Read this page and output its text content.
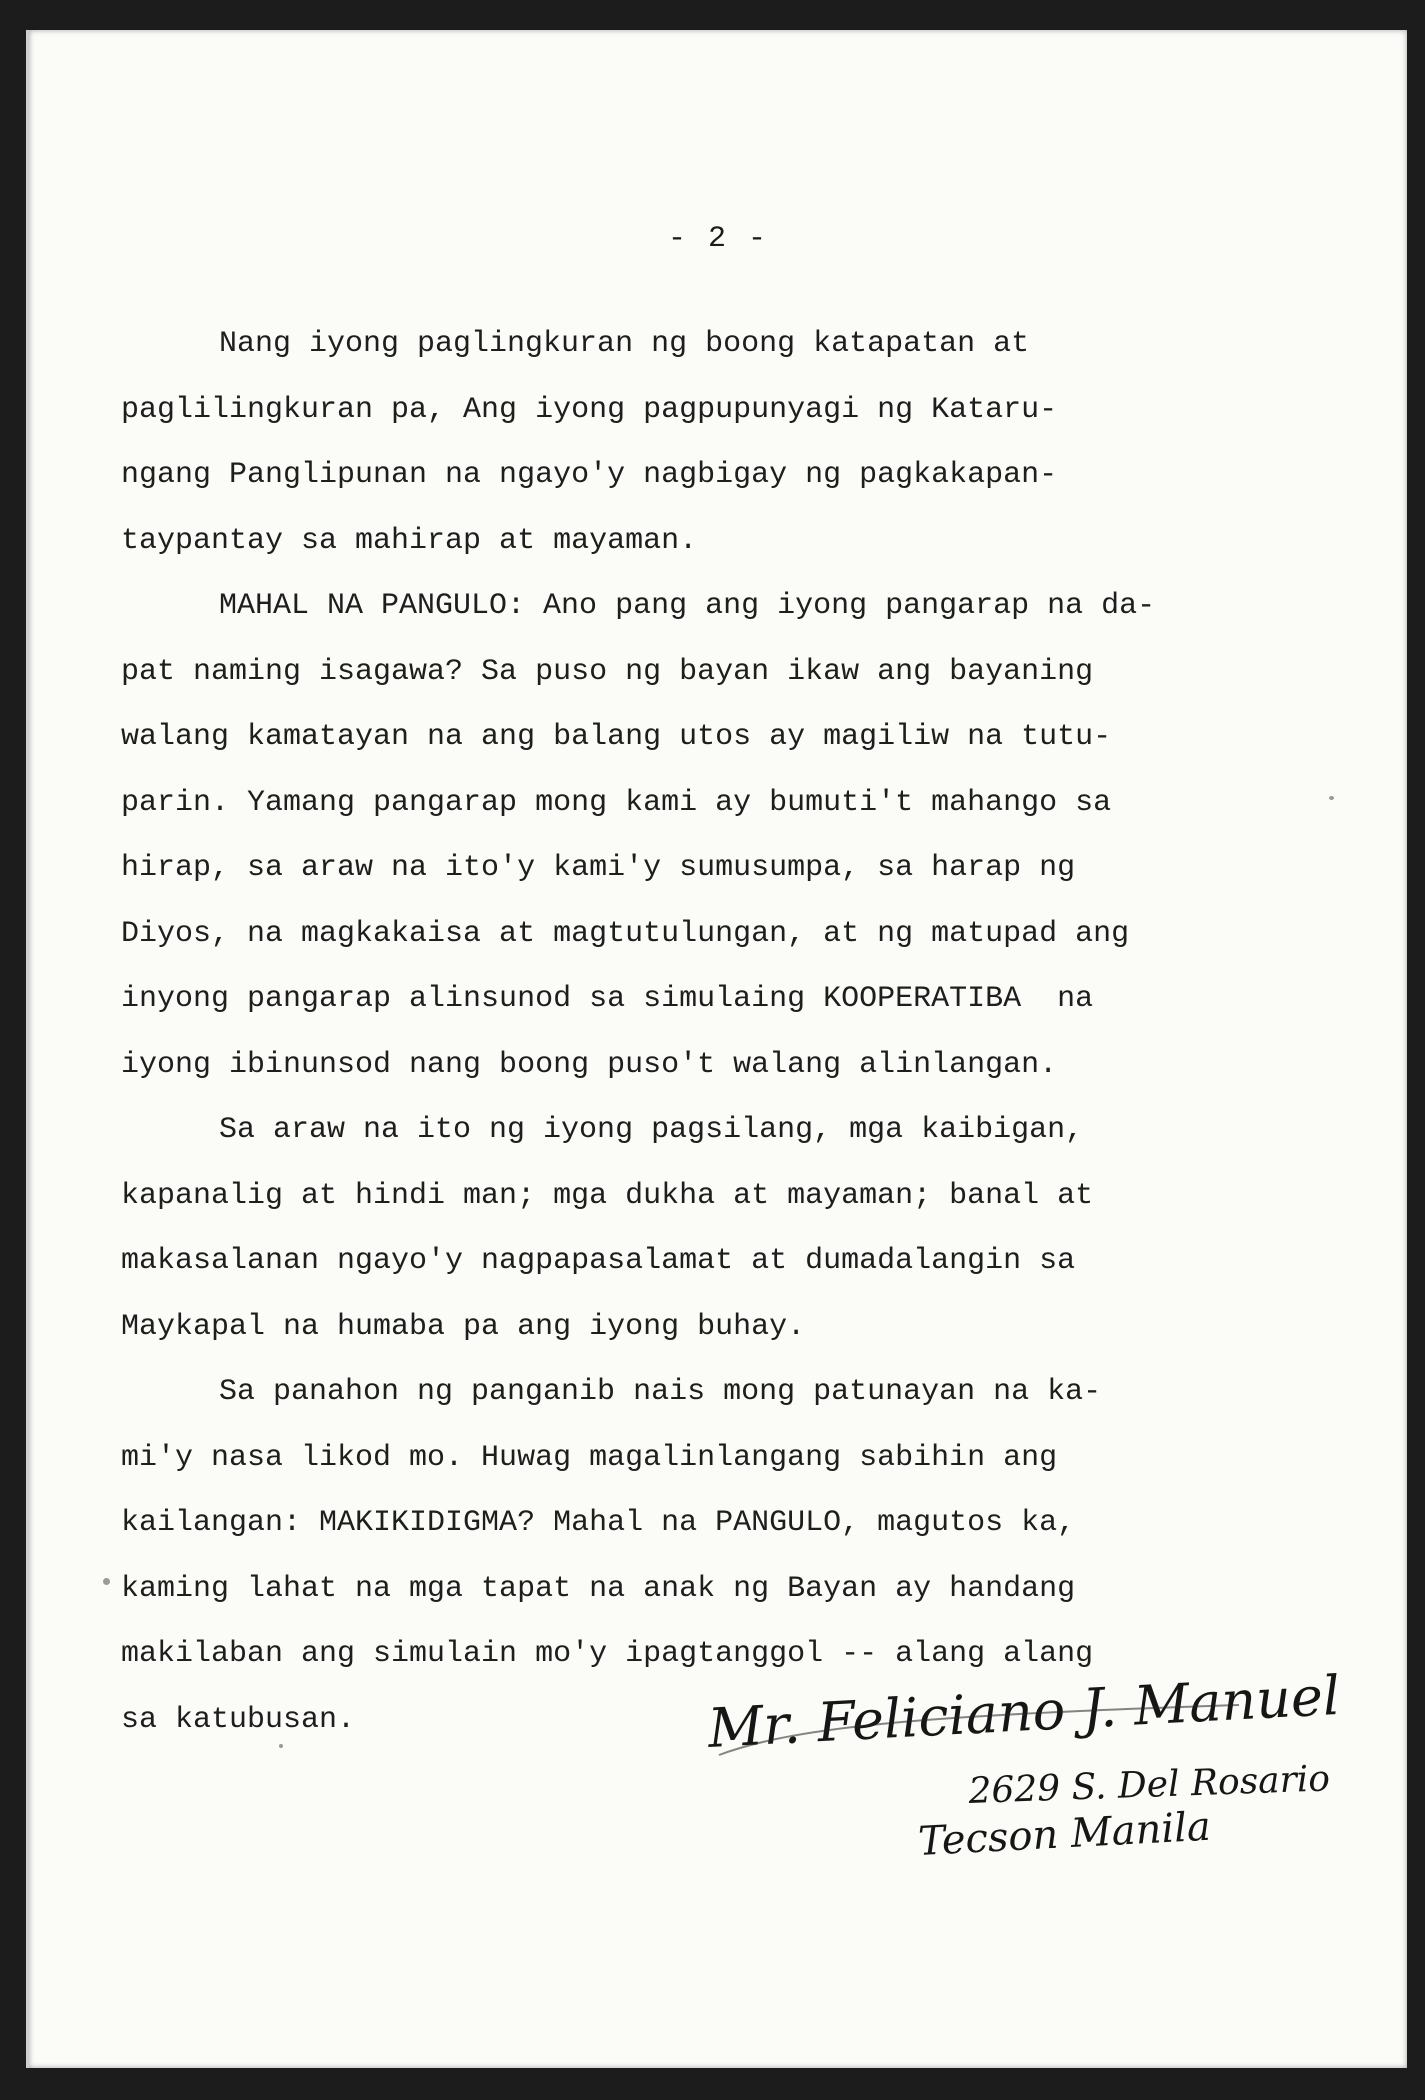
- 2 -
Nang iyong paglingkuran ng boong katapatan at
paglilingkuran pa, Ang iyong pagpupunyagi ng Kataru-
ngang Panglipunan na ngayo'y nagbigay ng pagkakapan-
taypantay sa mahirap at mayaman.
MAHAL NA PANGULO: Ano pang ang iyong pangarap na da-
pat naming isagawa? Sa puso ng bayan ikaw ang bayaning
walang kamatayan na ang balang utos ay magiliw na tutu-
parin. Yamang pangarap mong kami ay bumuti't mahango sa
hirap, sa araw na ito'y kami'y sumusumpa, sa harap ng
Diyos, na magkakaisa at magtutulungan, at ng matupad ang
inyong pangarap alinsunod sa simulaing KOOPERATIBA  na
iyong ibinunsod nang boong puso't walang alinlangan.
Sa araw na ito ng iyong pagsilang, mga kaibigan,
kapanalig at hindi man; mga dukha at mayaman; banal at
makasalanan ngayo'y nagpapasalamat at dumadalangin sa
Maykapal na humaba pa ang iyong buhay.
Sa panahon ng panganib nais mong patunayan na ka-
mi'y nasa likod mo. Huwag magalinlangang sabihin ang
kailangan: MAKIKIDIGMA? Mahal na PANGULO, magutos ka,
kaming lahat na mga tapat na anak ng Bayan ay handang
makilaban ang simulain mo'y ipagtanggol -- alang alang
sa katubusan.	Mr. Feliciano J. Manuel
2629 S. Del Rosario
Tecson Manila
